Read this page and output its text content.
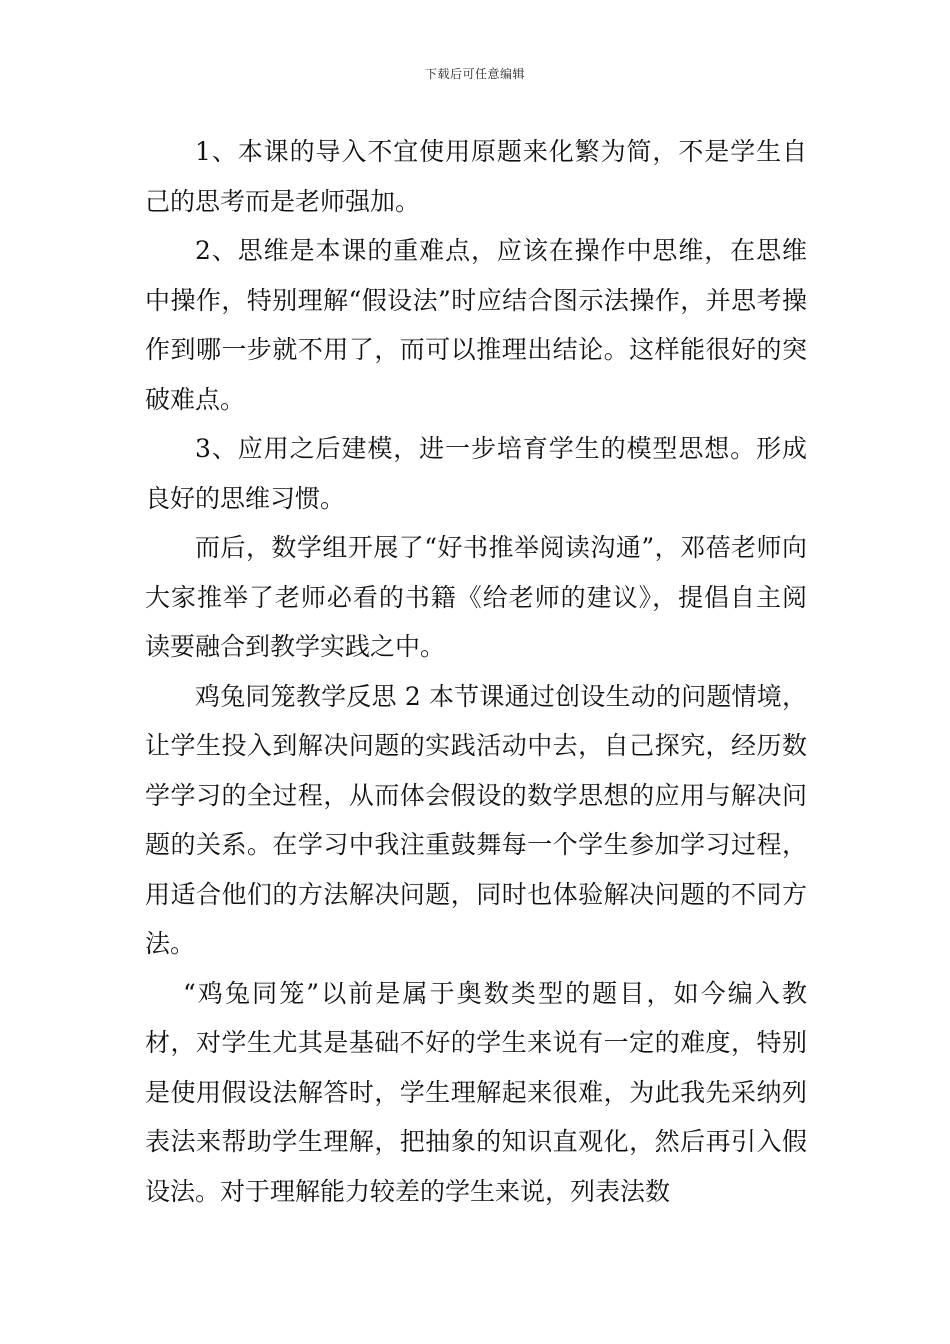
下载后可任意编辑

1、本课的导入不宜使用原题来化繁为简，不是学生自己的思考而是老师强加。

2、思维是本课的重难点，应该在操作中思维，在思维中操作，特别理解“假设法”时应结合图示法操作，并思考操作到哪一步就不用了，而可以推理出结论。这样能很好的突破难点。

3、应用之后建模，进一步培育学生的模型思想。形成良好的思维习惯。

而后，数学组开展了“好书推举阅读沟通”，邓蓓老师向大家推举了老师必看的书籍《给老师的建议》，提倡自主阅读要融合到教学实践之中。

鸡兔同笼教学反思 2 本节课通过创设生动的问题情境，让学生投入到解决问题的实践活动中去，自己探究，经历数学学习的全过程，从而体会假设的数学思想的应用与解决问题的关系。在学习中我注重鼓舞每一个学生参加学习过程，用适合他们的方法解决问题，同时也体验解决问题的不同方法。

“鸡兔同笼”以前是属于奥数类型的题目，如今编入教材，对学生尤其是基础不好的学生来说有一定的难度，特别是使用假设法解答时，学生理解起来很难，为此我先采纳列表法来帮助学生理解，把抽象的知识直观化，然后再引入假设法。对于理解能力较差的学生来说，列表法数
